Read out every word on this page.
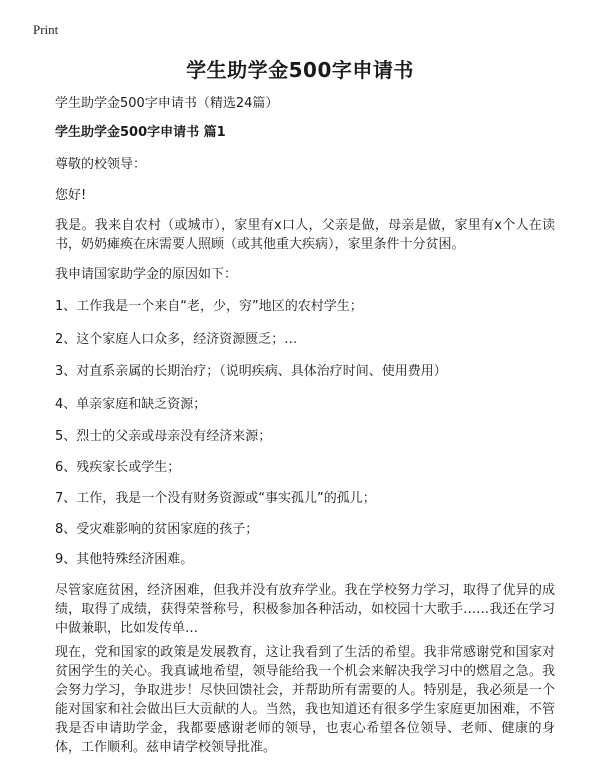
Print
学生助学金500字申请书
学生助学金500字申请书（精选24篇）
学生助学金500字申请书 篇1
尊敬的校领导：
您好!
我是。我来自农村（或城市），家里有x口人，父亲是做，母亲是做，家里有x个人在读书，奶奶瘫痪在床需要人照顾（或其他重大疾病），家里条件十分贫困。
我申请国家助学金的原因如下：
1、工作我是一个来自“老，少，穷”地区的农村学生；
2、这个家庭人口众多，经济资源匮乏；…
3、对直系亲属的长期治疗；（说明疾病、具体治疗时间、使用费用）
4、单亲家庭和缺乏资源；
5、烈士的父亲或母亲没有经济来源；
6、残疾家长或学生；
7、工作，我是一个没有财务资源或“事实孤儿”的孤儿；
8、受灾难影响的贫困家庭的孩子；
9、其他特殊经济困难。
尽管家庭贫困，经济困难，但我并没有放弃学业。我在学校努力学习，取得了优异的成绩，取得了成绩，获得荣誉称号，积极参加各种活动，如校园十大歌手……我还在学习中做兼职，比如发传单…
现在，党和国家的政策是发展教育，这让我看到了生活的希望。我非常感谢党和国家对贫困学生的关心。我真诚地希望，领导能给我一个机会来解决我学习中的燃眉之急。我会努力学习，争取进步！尽快回馈社会，并帮助所有需要的人。特别是，我必须是一个能对国家和社会做出巨大贡献的人。当然，我也知道还有很多学生家庭更加困难，不管我是否申请助学金，我都要感谢老师的领导，也衷心希望各位领导、老师、健康的身体，工作顺利。兹申请学校领导批准。
